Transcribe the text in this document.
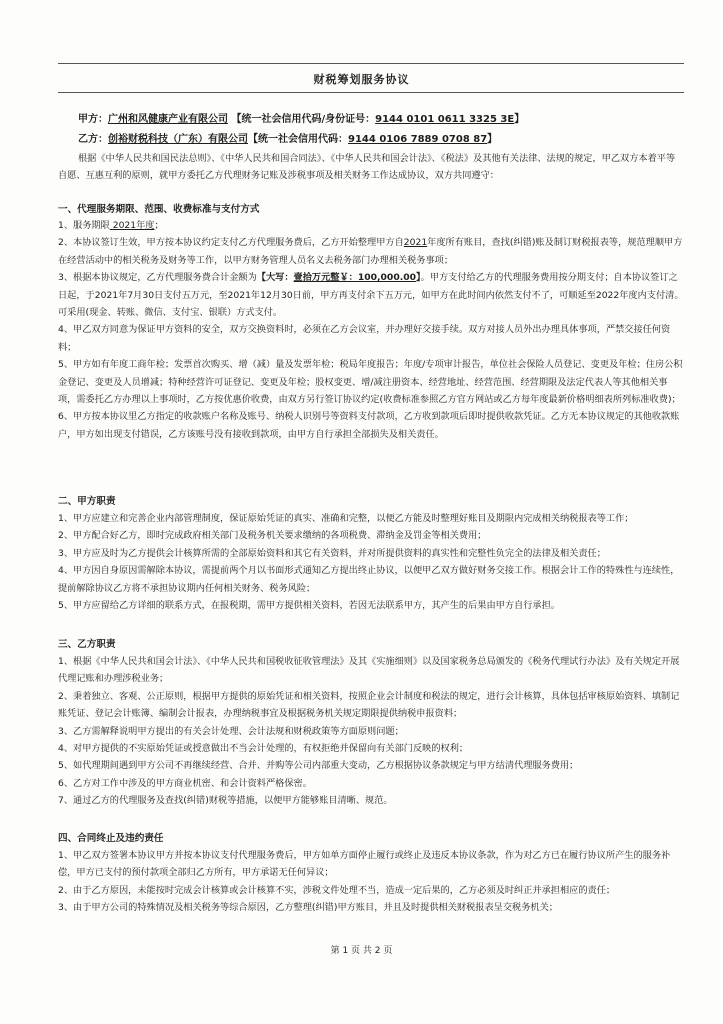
财税筹划服务协议
甲方：广州和风健康产业有限公司 【统一社会信用代码/身份证号：9144 0101 0611 3325 3E】
乙方：创裕财税科技（广东）有限公司【统一社会信用代码：9144 0106 7889 0708 87】
根据《中华人民共和国民法总则》、《中华人民共和国合同法》、《中华人民共和国会计法》、《税法》及其他有关法律、法规的规定，甲乙双方本着平等自愿、互惠互利的原则，就甲方委托乙方代理财务记账及涉税事项及相关财务工作达成协议，双方共同遵守：
一、代理服务期限、范围、收费标准与支付方式

1、服务期限 2021年度；

2、本协议签订生效，甲方按本协议约定支付乙方代理服务费后，乙方开始整理甲方自2021年度所有账目，查找(纠错)账及制订财税报表等，规范理顺甲方在经营活动中的相关税务及财务等工作，以甲方财务管理人员名义去税务部门办理相关税务事项；

3、根据本协议规定，乙方代理服务费合计金额为【大写：壹拾万元整￥：100,000.00】。甲方支付给乙方的代理服务费用按分期支付；自本协议签订之日起，于2021年7月30日支付五万元，至2021年12月30日前，甲方再支付余下五万元，如甲方在此时间内依然支付不了，可顺延至2022年度内支付清。可采用(现金、转账、微信、支付宝、银联）方式支付。

4、甲乙双方同意为保证甲方资料的安全，双方交换资料时，必须在乙方会议室，并办理好交接手续。双方对接人员外出办理具体事项，严禁交接任何资料；

5、甲方如有年度工商年检；发票首次购买、增（减）量及发票年检；税局年度报告；年度/专项审计报告，单位社会保险人员登记、变更及年检；住房公积金登记、变更及人员增减；特种经营许可证登记、变更及年检；股权变更、增/减注册资本、经营地址、经营范围、经营期限及法定代表人等其他相关事项，需委托乙方办理以上事项时，乙方按优惠价收费，由双方另行签订协议约定(收费标准参照乙方官方网站或乙方每年度最新价格明细表所列标准收费)；

6、甲方按本协议里乙方指定的收款账户名称及账号、纳税人识别号等资料支付款项，乙方收到款项后即时提供收款凭证。乙方无本协议规定的其他收款账户，甲方如出现支付错误，乙方该账号没有接收到款项，由甲方自行承担全部损失及相关责任。

二、甲方职责

1、甲方应建立和完善企业内部管理制度，保证原始凭证的真实、准确和完整，以便乙方能及时整理好账目及期限内完成相关纳税报表等工作；

2、甲方配合好乙方，即时完成政府相关部门及税务机关要求缴纳的各项税费、滞纳金及罚金等相关费用；

3、甲方应及时为乙方提供会计核算所需的全部原始资料和其它有关资料，并对所提供资料的真实性和完整性负完全的法律及相关责任；

4、甲方因自身原因需解除本协议，需提前两个月以书面形式通知乙方提出终止协议，以便甲乙双方做好财务交接工作。根据会计工作的特殊性与连续性，提前解除协议乙方将不承担协议期内任何相关财务、税务风险；

5、甲方应留给乙方详细的联系方式，在报税期，需甲方提供相关资料，若因无法联系甲方，其产生的后果由甲方自行承担。

三、乙方职责

1、根据《中华人民共和国会计法》、《中华人民共和国税收征收管理法》及其《实施细则》以及国家税务总局颁发的《税务代理试行办法》及有关规定开展代理记账和办理涉税业务；

2、秉着独立、客观、公正原则，根据甲方提供的原始凭证和相关资料，按照企业会计制度和税法的规定，进行会计核算，具体包括审核原始资料、填制记账凭证、登记会计账簿、编制会计报表，办理纳税事宜及根据税务机关规定期限提供纳税申报资料；

3、乙方需解释说明甲方提出的有关会计处理、会计法规和财税政策等方面原则问题；

4、对甲方提供的不实原始凭证或授意做出不当会计处理的，有权拒绝并保留向有关部门反映的权利；

5、如代理期间遇到甲方公司不再继续经营、合并、并购等公司内部重大变动，乙方根据协议条款规定与甲方结清代理服务费用；

6、乙方对工作中涉及的甲方商业机密、和会计资料严格保密。

7、通过乙方的代理服务及查找(纠错)财税等措施，以便甲方能够账目清晰、规范。

四、合同终止及违约责任

1、甲乙双方签署本协议甲方并按本协议支付代理服务费后，甲方如单方面停止履行或终止及违反本协议条款，作为对乙方已在履行协议所产生的服务补偿，甲方已支付的预付款项全部归乙方所有，甲方承诺无任何异议；

2、由于乙方原因，未能按时完成会计核算或会计核算不实，涉税文件处理不当，造成一定后果的，乙方必须及时纠正并承担相应的责任；

3、由于甲方公司的特殊情况及相关税务等综合原因，乙方整理(纠错)甲方账目，并且及时提供相关财税报表呈交税务机关；

第 1 页 共 2 页
